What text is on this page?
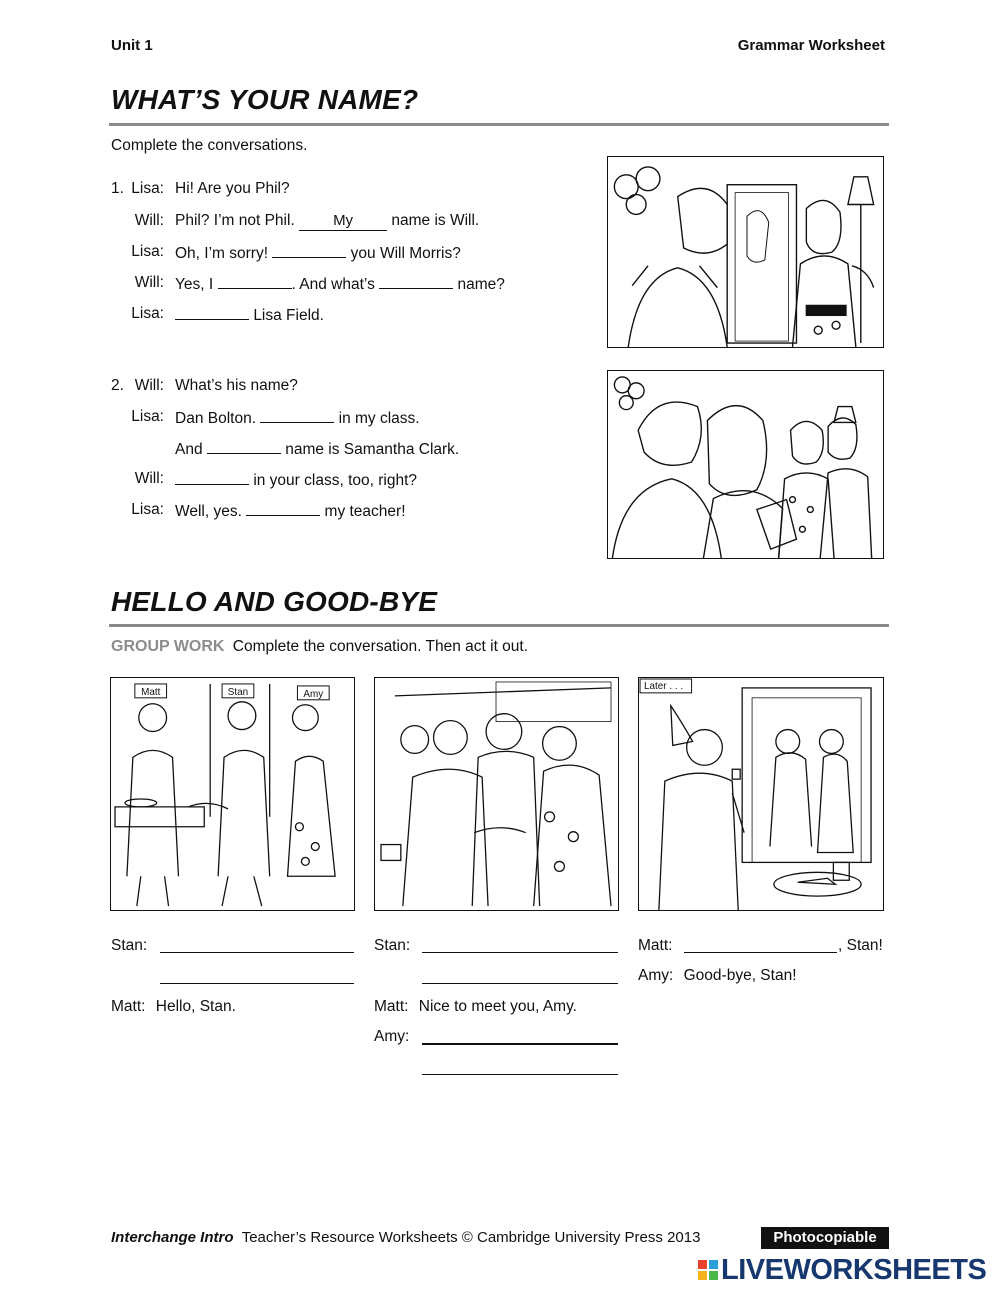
Unit 1	Grammar Worksheet
WHAT’S YOUR NAME?
Complete the conversations.
1. Lisa: Hi! Are you Phil?
Will: Phil? I’m not Phil.	My name is Will.
Lisa: Oh, I’m sorry!	you Will Morris?
Will: Yes, I	. And what’s	name?
Lisa:	Lisa Field.
2. Will: What’s his name?
Lisa: Dan Bolton.	in my class.
And	name is Samantha Clark.
Will:	in your class, too, right?
Lisa: Well, yes.	my teacher!
HELLO AND GOOD-BYE
GROUP WORK Complete the conversation. Then act it out.
Matt	Stan	Amy
Later . . .
Stan:
Matt: Hello, Stan.
Stan:
Matt: Nice to meet you, Amy.
Amy:
Matt:	, Stan!
Amy: Good-bye, Stan!
Interchange Intro Teacher’s Resource Worksheets © Cambridge University Press 2013	Photocopiable
LIVEWORKSHEETS
